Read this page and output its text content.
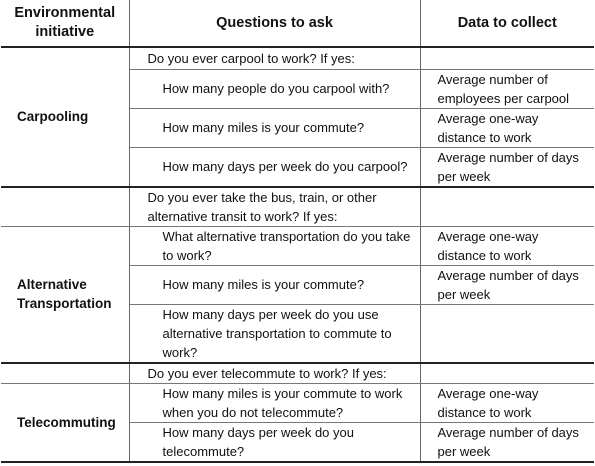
Environmental initiative	Questions to ask	Data to collect
Carpooling	Do you ever carpool to work? If yes:	
	How many people do you carpool with?	Average number of employees per carpool
	How many miles is your commute?	Average one-way distance to work
	How many days per week do you carpool?	Average number of days per week
	Do you ever take the bus, train, or other alternative transit to work? If yes:	
Alternative Transportation	What alternative transportation do you take to work?	Average one-way distance to work
	How many miles is your commute?	Average number of days per week
	How many days per week do you use alternative transportation to commute to work?	
	Do you ever telecommute to work? If yes:	
Telecommuting	How many miles is your commute to work when you do not telecommute?	Average one-way distance to work
	How many days per week do you telecommute?	Average number of days per week
